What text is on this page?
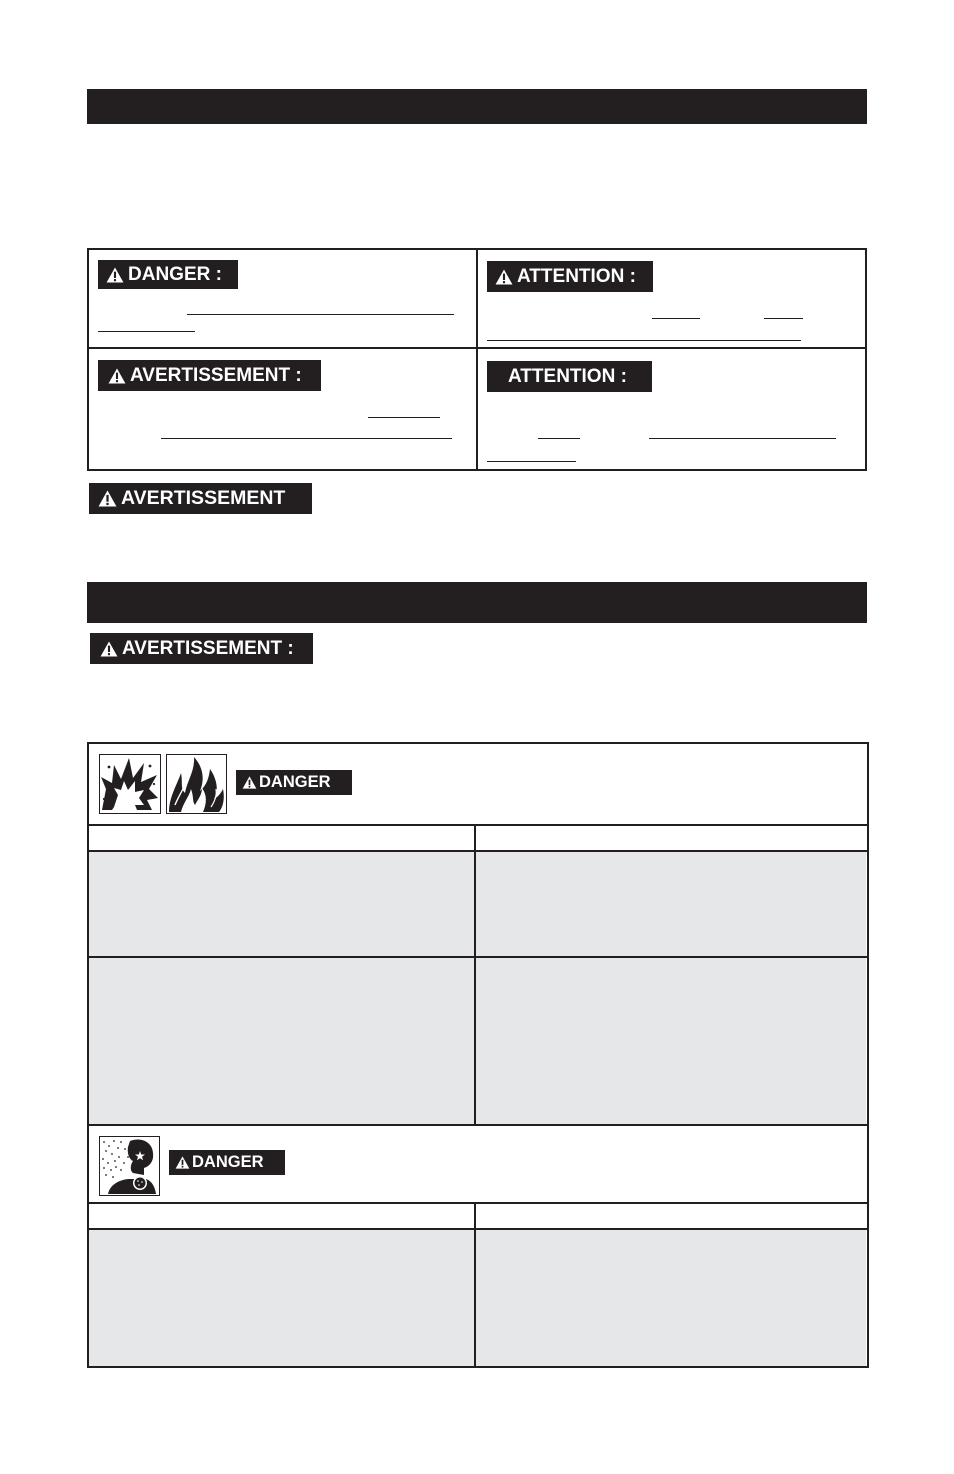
DANGER :	ATTENTION :
AVERTISSEMENT :	ATTENTION :
AVERTISSEMENT
AVERTISSEMENT :
DANGER
DANGER
